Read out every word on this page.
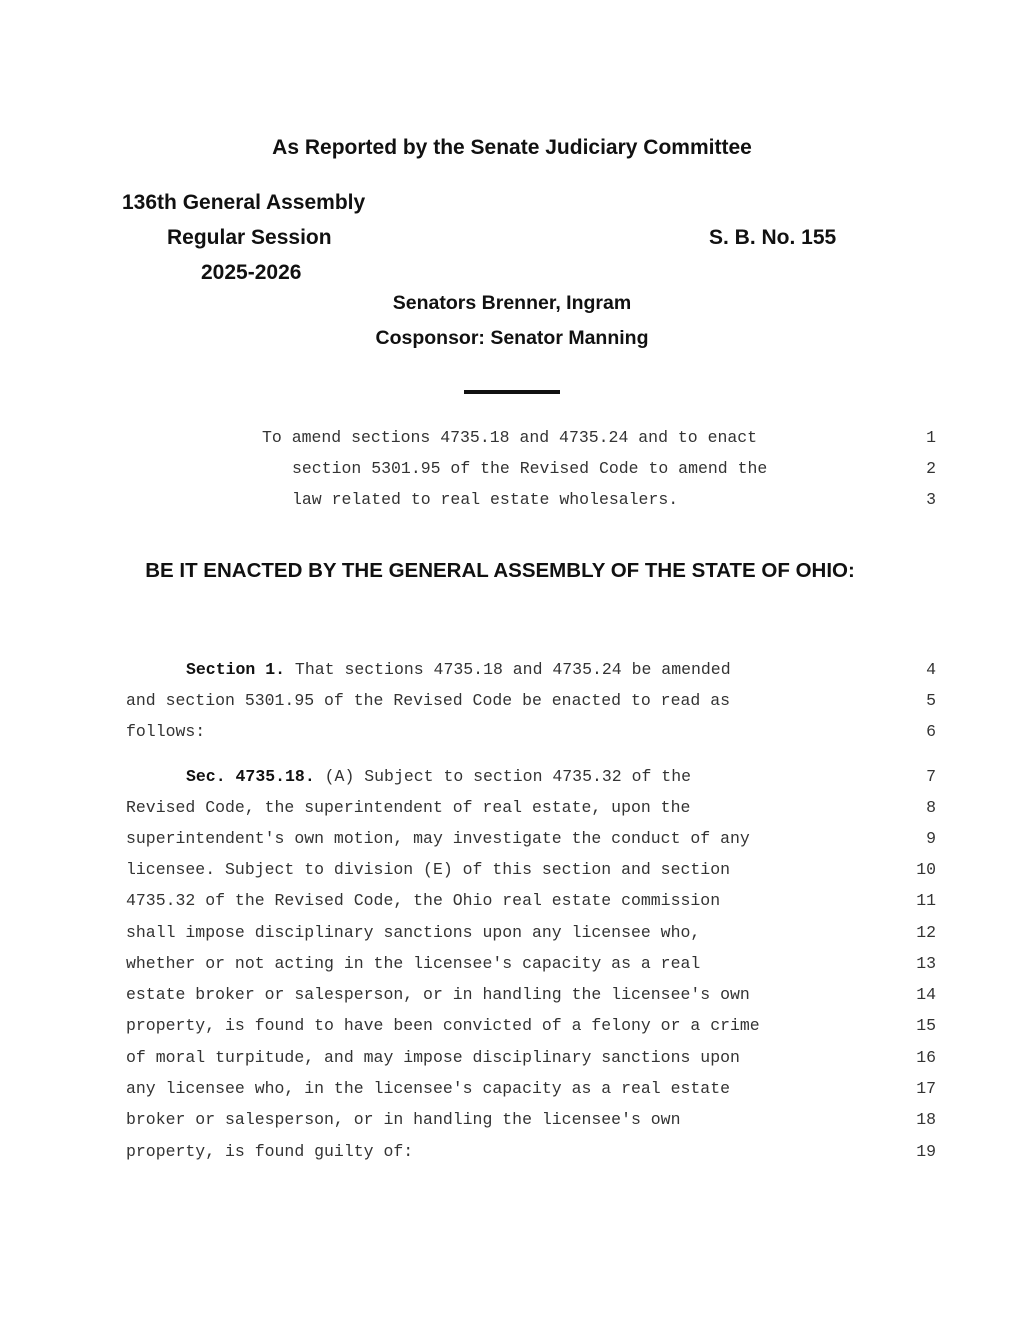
As Reported by the Senate Judiciary Committee
136th General Assembly
Regular Session
2025-2026
S. B. No. 155
Senators Brenner, Ingram
Cosponsor: Senator Manning
To amend sections 4735.18 and 4735.24 and to enact	1
section 5301.95 of the Revised Code to amend the	2
law related to real estate wholesalers.	3
BE IT ENACTED BY THE GENERAL ASSEMBLY OF THE STATE OF OHIO:
Section 1. That sections 4735.18 and 4735.24 be amended	4
and section 5301.95 of the Revised Code be enacted to read as	5
follows:	6
Sec. 4735.18. (A) Subject to section 4735.32 of the	7
Revised Code, the superintendent of real estate, upon the	8
superintendent's own motion, may investigate the conduct of any	9
licensee. Subject to division (E) of this section and section	10
4735.32 of the Revised Code, the Ohio real estate commission	11
shall impose disciplinary sanctions upon any licensee who,	12
whether or not acting in the licensee's capacity as a real	13
estate broker or salesperson, or in handling the licensee's own	14
property, is found to have been convicted of a felony or a crime	15
of moral turpitude, and may impose disciplinary sanctions upon	16
any licensee who, in the licensee's capacity as a real estate	17
broker or salesperson, or in handling the licensee's own	18
property, is found guilty of:	19
